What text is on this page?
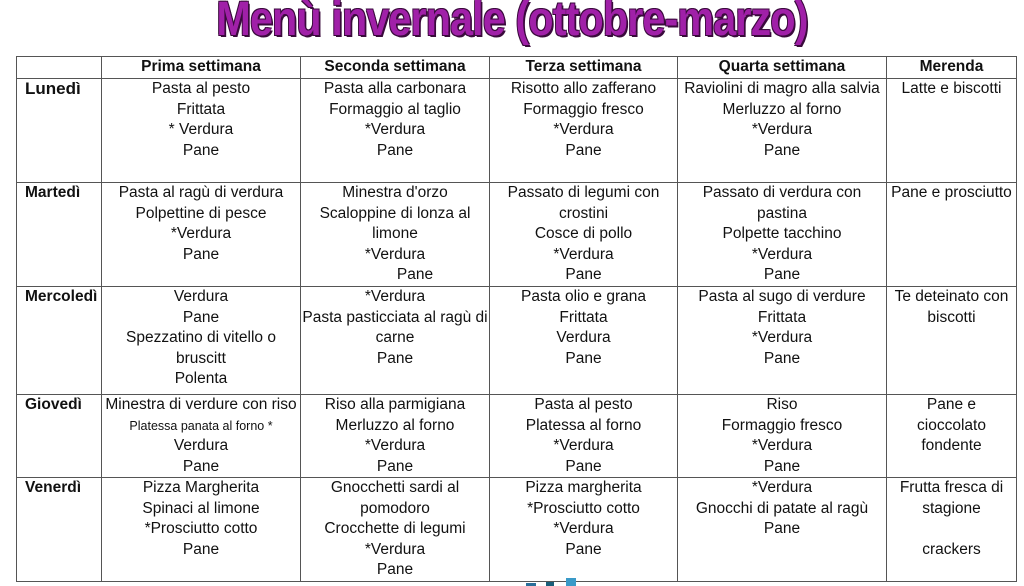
Menù invernale (ottobre-marzo)
	Prima settimana	Seconda settimana	Terza settimana	Quarta settimana	Merenda
Lunedì	Pasta al pesto
Frittata
* Verdura
Pane	Pasta alla carbonara
Formaggio al taglio
*Verdura
Pane	Risotto allo zafferano
Formaggio fresco
*Verdura
Pane	Raviolini di magro alla salvia
Merluzzo al forno
*Verdura
Pane	Latte e biscotti

Martedì	Pasta al ragù di verdura
Polpettine di pesce
*Verdura
Pane	Minestra d'orzo
Scaloppine di lonza al
limone
*Verdura
Pane	Passato di legumi con
crostini
Cosce di pollo
*Verdura
Pane	Passato di verdura con
pastina
Polpette tacchino
*Verdura
Pane	Pane e prosciutto

Mercoledì	Verdura
Pane
Spezzatino di vitello o
bruscitt
Polenta	*Verdura
Pasta pasticciata al ragù di
carne
Pane	Pasta olio e grana
Frittata
Verdura
Pane	Pasta al sugo di verdure
Frittata
*Verdura
Pane	Te deteinato con
biscotti

Giovedì	Minestra di verdure con riso
Platessa panata al forno *
Verdura
Pane	Riso alla parmigiana
Merluzzo al forno
*Verdura
Pane	Pasta al pesto
Platessa al forno
*Verdura
Pane	Riso
Formaggio fresco
*Verdura
Pane	Pane e
cioccolato
fondente

Venerdì	Pizza Margherita
Spinaci al limone
*Prosciutto cotto
Pane	Gnocchetti sardi al
pomodoro
Crocchette di legumi
*Verdura
Pane	Pizza margherita
*Prosciutto cotto
*Verdura
Pane	*Verdura
Gnocchi di patate al ragù
Pane	Frutta fresca di
stagione
crackers
